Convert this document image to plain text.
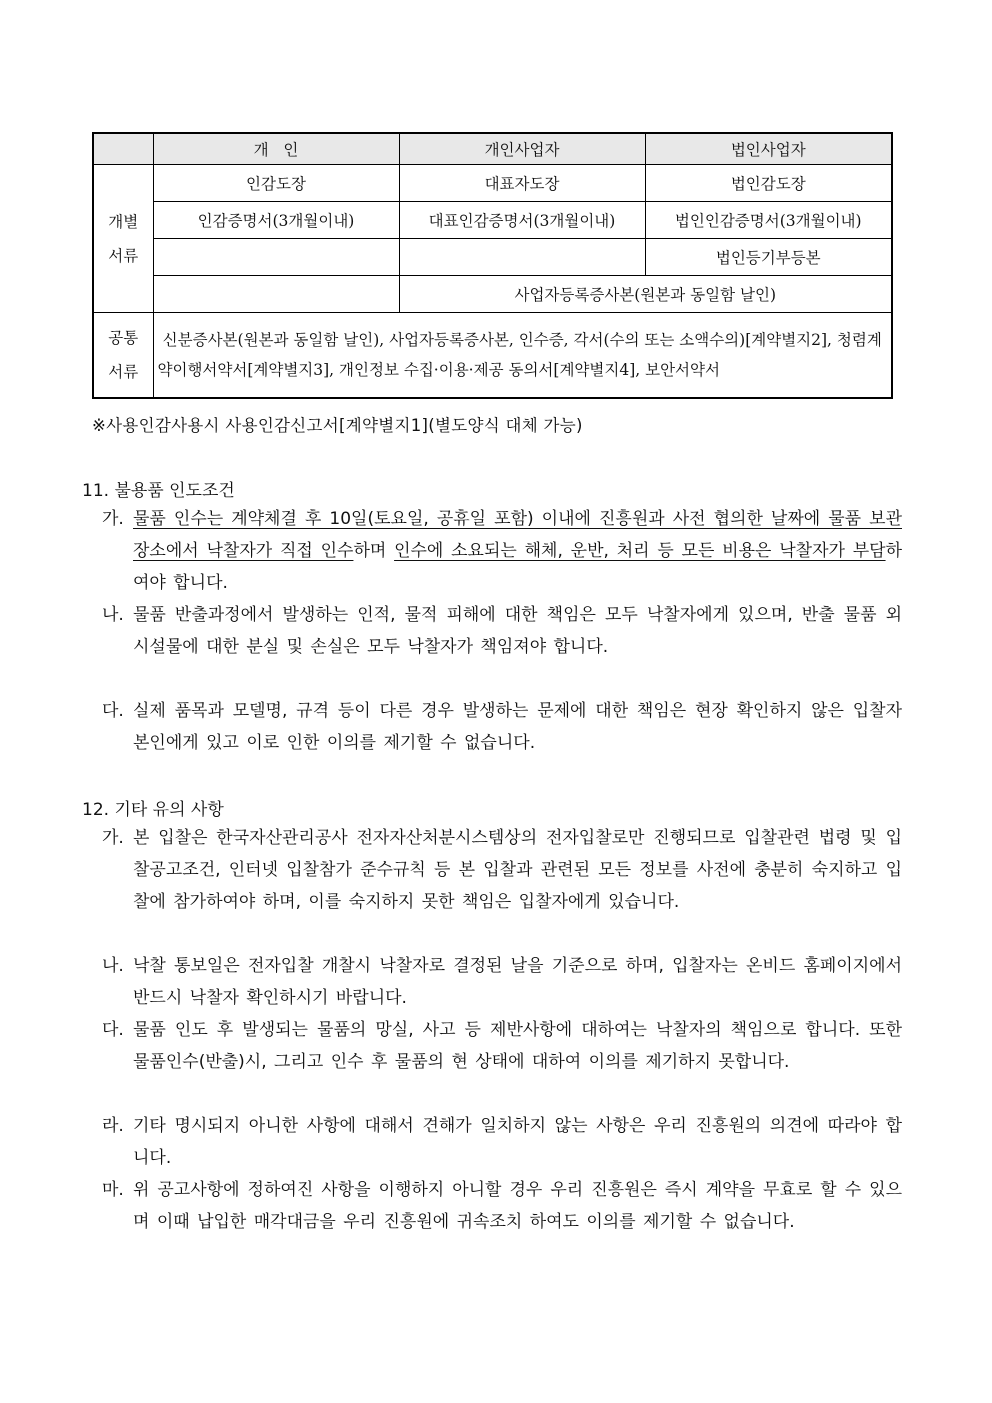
	개   인	개인사업자	법인사업자
개별
서류	인감도장	대표자도장	법인감도장
	인감증명서(3개월이내)	대표인감증명서(3개월이내)	법인인감증명서(3개월이내)
			법인등기부등본
		사업자등록증사본(원본과 동일함 날인)	
공통
서류	신분증사본(원본과 동일함 날인), 사업자등록증사본, 인수증, 각서(수의 또는 소액수의)[계약별지2], 청렴계약이행서약서[계약별지3], 개인정보 수집·이용·제공 동의서[계약별지4], 보안서약서		
※사용인감사용시 사용인감신고서[계약별지1](별도양식 대체 가능)
11. 불용품 인도조건
가. 물품 인수는 계약체결 후 10일(토요일, 공휴일 포함) 이내에 진흥원과 사전 협의한 날짜에 물품 보관 장소에서 낙찰자가 직접 인수하며 인수에 소요되는 해체, 운반, 처리 등 모든 비용은 낙찰자가 부담하여야 합니다.
나. 물품 반출과정에서 발생하는 인적, 물적 피해에 대한 책임은 모두 낙찰자에게 있으며, 반출 물품 외 시설물에 대한 분실 및 손실은 모두 낙찰자가 책임져야 합니다.
다. 실제 품목과 모델명, 규격 등이 다른 경우 발생하는 문제에 대한 책임은 현장 확인하지 않은 입찰자 본인에게 있고 이로 인한 이의를 제기할 수 없습니다.
12. 기타 유의 사항
가. 본 입찰은 한국자산관리공사 전자자산처분시스템상의 전자입찰로만 진행되므로 입찰관련 법령 및 입찰공고조건, 인터넷 입찰참가 준수규칙 등 본 입찰과 관련된 모든 정보를 사전에 충분히 숙지하고 입찰에 참가하여야 하며, 이를 숙지하지 못한 책임은 입찰자에게 있습니다.
나. 낙찰 통보일은 전자입찰 개찰시 낙찰자로 결정된 날을 기준으로 하며, 입찰자는 온비드 홈페이지에서 반드시 낙찰자 확인하시기 바랍니다.
다. 물품 인도 후 발생되는 물품의 망실, 사고 등 제반사항에 대하여는 낙찰자의 책임으로 합니다. 또한 물품인수(반출)시, 그리고 인수 후 물품의 현 상태에 대하여 이의를 제기하지 못합니다.
라. 기타 명시되지 아니한 사항에 대해서 견해가 일치하지 않는 사항은 우리 진흥원의 의견에 따라야 합니다.
마. 위 공고사항에 정하여진 사항을 이행하지 아니할 경우 우리 진흥원은 즉시 계약을 무효로 할 수 있으며 이때 납입한 매각대금을 우리 진흥원에 귀속조치 하여도 이의를 제기할 수 없습니다.
